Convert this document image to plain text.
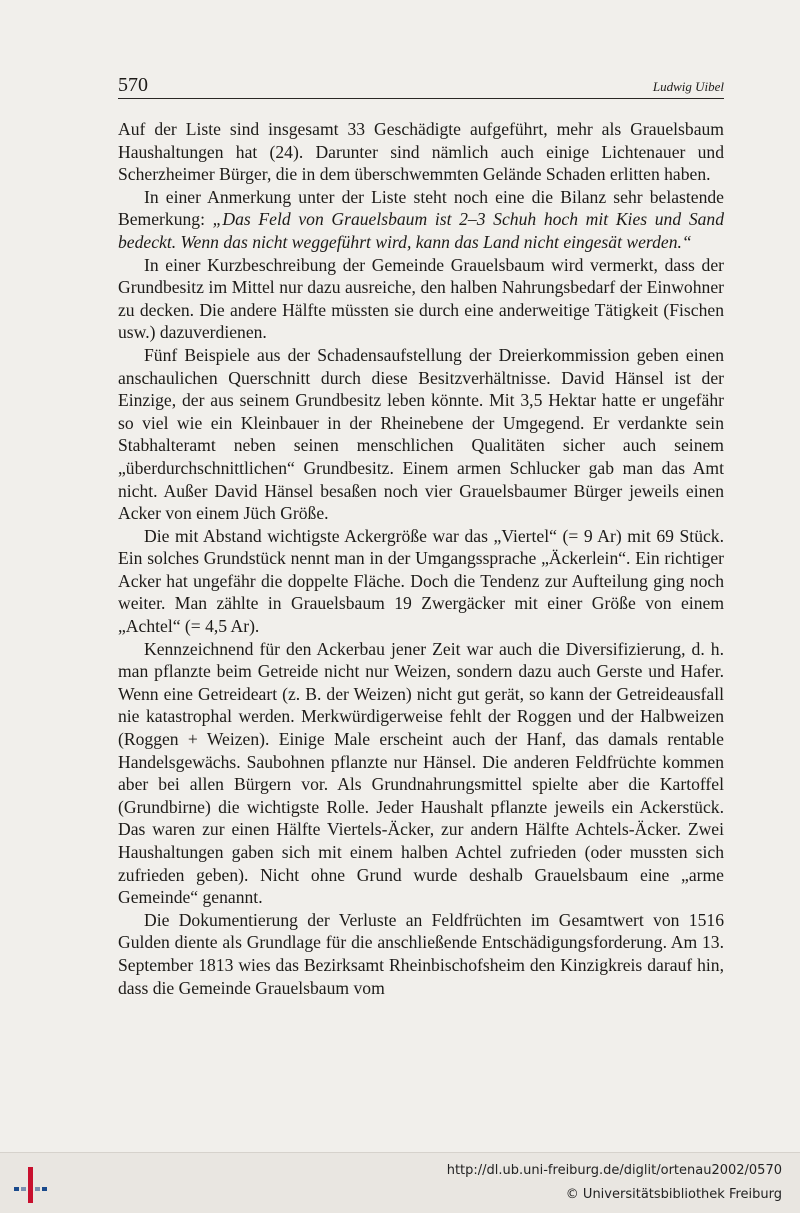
570	Ludwig Uibel

Auf der Liste sind insgesamt 33 Geschädigte aufgeführt, mehr als Grauelsbaum Haushaltungen hat (24). Darunter sind nämlich auch einige Lichtenauer und Scherzheimer Bürger, die in dem überschwemmten Gelände Schaden erlitten haben.

In einer Anmerkung unter der Liste steht noch eine die Bilanz sehr belastende Bemerkung: „Das Feld von Grauelsbaum ist 2–3 Schuh hoch mit Kies und Sand bedeckt. Wenn das nicht weggeführt wird, kann das Land nicht eingesät werden.“

In einer Kurzbeschreibung der Gemeinde Grauelsbaum wird vermerkt, dass der Grundbesitz im Mittel nur dazu ausreiche, den halben Nahrungsbedarf der Einwohner zu decken. Die andere Hälfte müssten sie durch eine anderweitige Tätigkeit (Fischen usw.) dazuverdienen.

Fünf Beispiele aus der Schadensaufstellung der Dreierkommission geben einen anschaulichen Querschnitt durch diese Besitzverhältnisse. David Hänsel ist der Einzige, der aus seinem Grundbesitz leben könnte. Mit 3,5 Hektar hatte er ungefähr so viel wie ein Kleinbauer in der Rheinebene der Umgegend. Er verdankte sein Stabhalteramt neben seinen menschlichen Qualitäten sicher auch seinem „überdurchschnittlichen“ Grundbesitz. Einem armen Schlucker gab man das Amt nicht. Außer David Hänsel besaßen noch vier Grauelsbaumer Bürger jeweils einen Acker von einem Jüch Größe.

Die mit Abstand wichtigste Ackergröße war das „Viertel“ (= 9 Ar) mit 69 Stück. Ein solches Grundstück nennt man in der Umgangssprache „Äckerlein“. Ein richtiger Acker hat ungefähr die doppelte Fläche. Doch die Tendenz zur Aufteilung ging noch weiter. Man zählte in Grauelsbaum 19 Zwergäcker mit einer Größe von einem „Achtel“ (= 4,5 Ar).

Kennzeichnend für den Ackerbau jener Zeit war auch die Diversifizierung, d. h. man pflanzte beim Getreide nicht nur Weizen, sondern dazu auch Gerste und Hafer. Wenn eine Getreideart (z. B. der Weizen) nicht gut gerät, so kann der Getreideausfall nie katastrophal werden. Merkwürdigerweise fehlt der Roggen und der Halbweizen (Roggen + Weizen). Einige Male erscheint auch der Hanf, das damals rentable Handelsgewächs. Saubohnen pflanzte nur Hänsel. Die anderen Feldfrüchte kommen aber bei allen Bürgern vor. Als Grundnahrungsmittel spielte aber die Kartoffel (Grundbirne) die wichtigste Rolle. Jeder Haushalt pflanzte jeweils ein Ackerstück. Das waren zur einen Hälfte Viertels-Äcker, zur andern Hälfte Achtels-Äcker. Zwei Haushaltungen gaben sich mit einem halben Achtel zufrieden (oder mussten sich zufrieden geben). Nicht ohne Grund wurde deshalb Grauelsbaum eine „arme Gemeinde“ genannt.

Die Dokumentierung der Verluste an Feldfrüchten im Gesamtwert von 1516 Gulden diente als Grundlage für die anschließende Entschädigungsforderung. Am 13. September 1813 wies das Bezirksamt Rheinbischofsheim den Kinzigkreis darauf hin, dass die Gemeinde Grauelsbaum vom

http://dl.ub.uni-freiburg.de/diglit/ortenau2002/0570
© Universitätsbibliothek Freiburg
